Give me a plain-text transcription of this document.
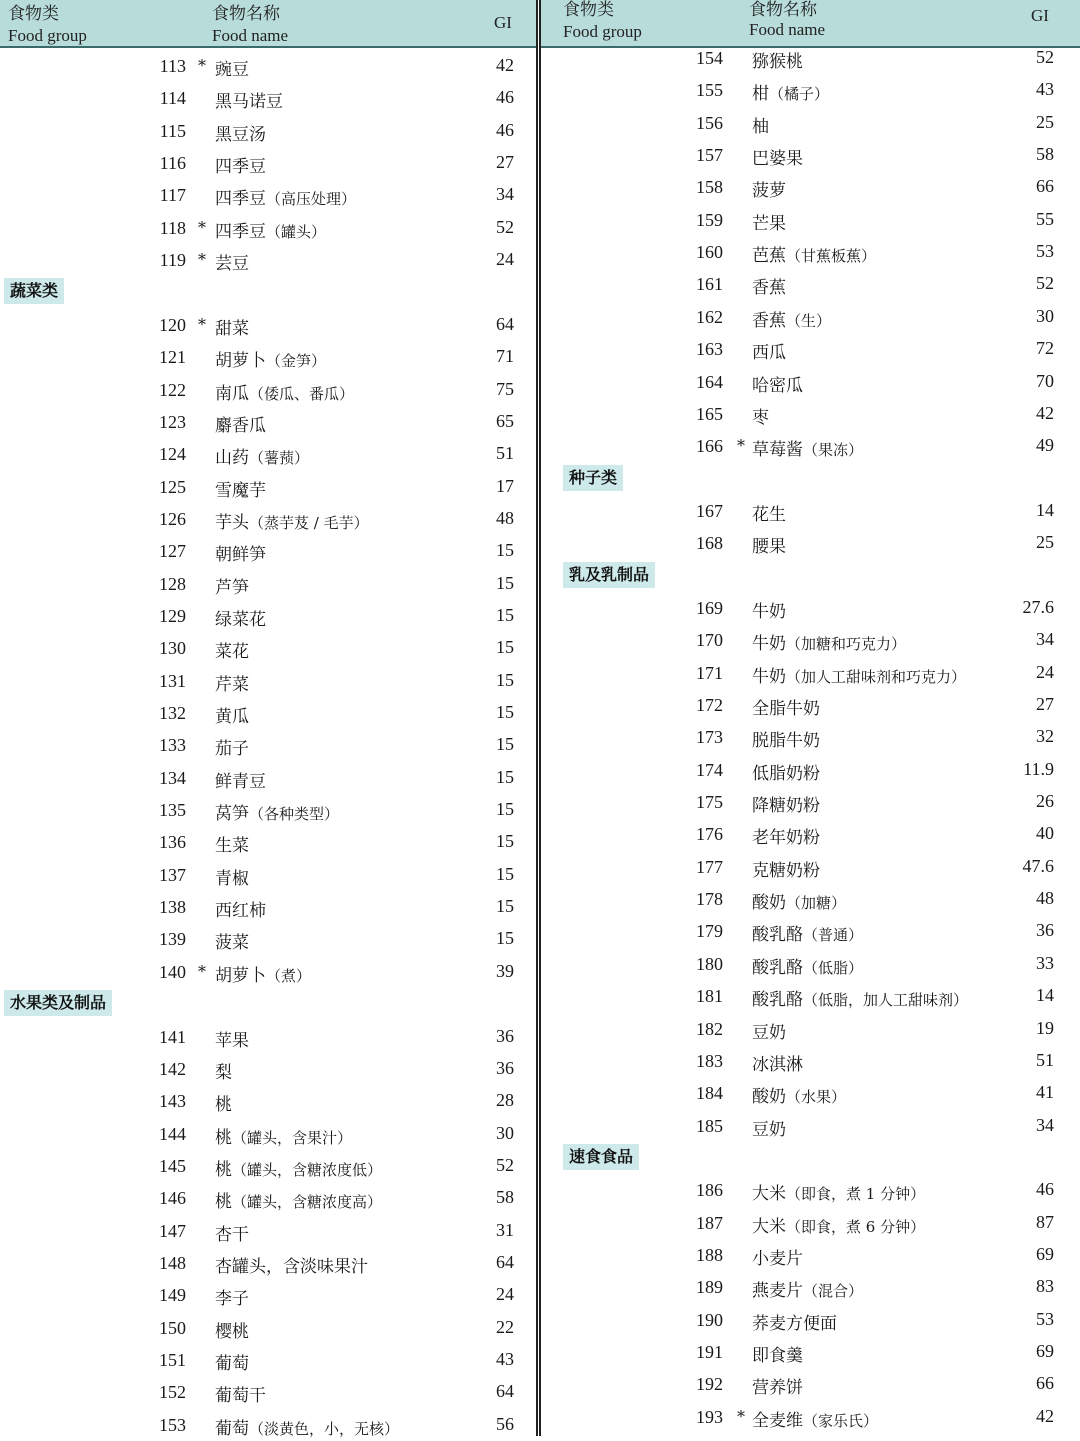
食物类
Food group
食物名称
Food name
GI
113 * 豌豆	42
114 黑马诺豆	46
115 黑豆汤	46
116 四季豆	27
117 四季豆（高压处理）	34
118 * 四季豆（罐头）	52
119 * 芸豆	24
蔬菜类
120 * 甜菜	64
121 胡萝卜（金笋）	71
122 南瓜（倭瓜、番瓜）	75
123 麝香瓜	65
124 山药（薯蓣）	51
125 雪魔芋	17
126 芋头（蒸芋芨 / 毛芋）	48
127 朝鲜笋	15
128 芦笋	15
129 绿菜花	15
130 菜花	15
131 芹菜	15
132 黄瓜	15
133 茄子	15
134 鲜青豆	15
135 莴笋（各种类型）	15
136 生菜	15
137 青椒	15
138 西红柿	15
139 菠菜	15
140 * 胡萝卜（煮）	39
水果类及制品
141 苹果	36
142 梨	36
143 桃	28
144 桃（罐头，含果汁）	30
145 桃（罐头，含糖浓度低）	52
146 桃（罐头，含糖浓度高）	58
147 杏干	31
148 杏罐头，含淡味果汁	64
149 李子	24
150 樱桃	22
151 葡萄	43
152 葡萄干	64
153 葡萄（淡黄色，小，无核）	56
食物类
Food group
食物名称
Food name
GI
154 猕猴桃	52
155 柑（橘子）	43
156 柚	25
157 巴婆果	58
158 菠萝	66
159 芒果	55
160 芭蕉（甘蕉板蕉）	53
161 香蕉	52
162 香蕉（生）	30
163 西瓜	72
164 哈密瓜	70
165 枣	42
166 * 草莓酱（果冻）	49
种子类
167 花生	14
168 腰果	25
乳及乳制品
169 牛奶	27.6
170 牛奶（加糖和巧克力）	34
171 牛奶（加人工甜味剂和巧克力）	24
172 全脂牛奶	27
173 脱脂牛奶	32
174 低脂奶粉	11.9
175 降糖奶粉	26
176 老年奶粉	40
177 克糖奶粉	47.6
178 酸奶（加糖）	48
179 酸乳酪（普通）	36
180 酸乳酪（低脂）	33
181 酸乳酪（低脂，加人工甜味剂）	14
182 豆奶	19
183 冰淇淋	51
184 酸奶（水果）	41
185 豆奶	34
速食食品
186 大米（即食，煮 1 分钟）	46
187 大米（即食，煮 6 分钟）	87
188 小麦片	69
189 燕麦片（混合）	83
190 荞麦方便面	53
191 即食羹	69
192 营养饼	66
193 * 全麦维（家乐氏）	42
